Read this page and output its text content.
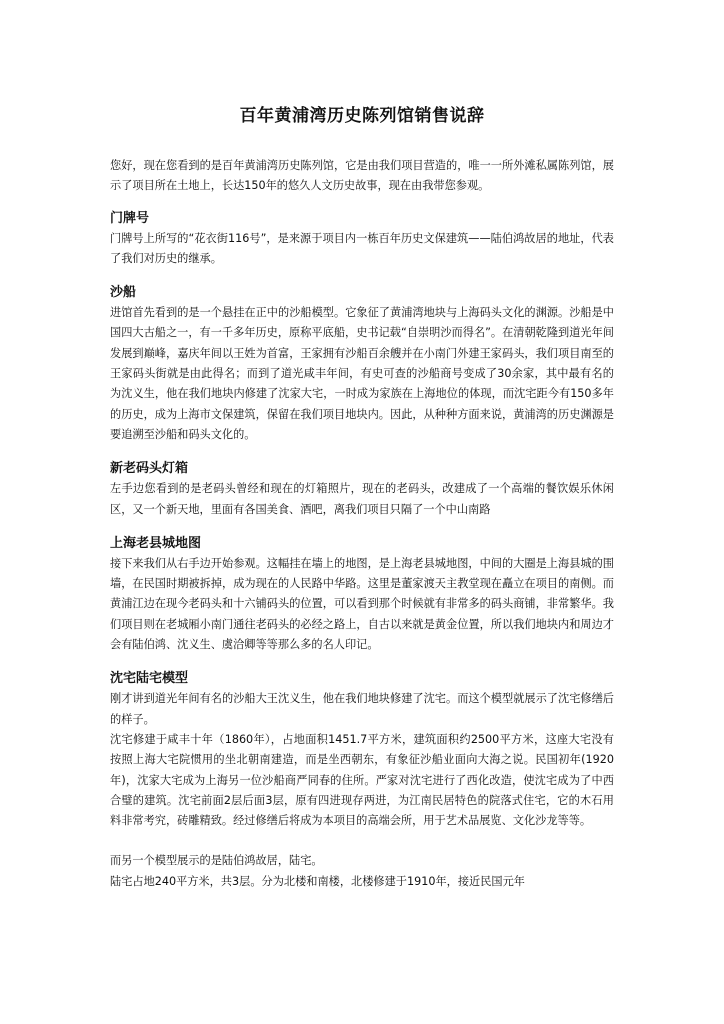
百年黄浦湾历史陈列馆销售说辞

您好，现在您看到的是百年黄浦湾历史陈列馆，它是由我们项目营造的，唯一一所外滩私属陈列馆，展示了项目所在土地上，长达150年的悠久人文历史故事，现在由我带您参观。

门牌号

门牌号上所写的“花衣街116号”，是来源于项目内一栋百年历史文保建筑——陆伯鸿故居的地址，代表了我们对历史的继承。

沙船

进馆首先看到的是一个悬挂在正中的沙船模型。它象征了黄浦湾地块与上海码头文化的渊源。沙船是中国四大古船之一，有一千多年历史，原称平底船，史书记载“自崇明沙而得名”。在清朝乾隆到道光年间发展到巅峰，嘉庆年间以王姓为首富，王家拥有沙船百余艘并在小南门外建王家码头，我们项目南至的王家码头街就是由此得名；而到了道光咸丰年间，有史可查的沙船商号变成了30余家，其中最有名的为沈义生，他在我们地块内修建了沈家大宅，一时成为家族在上海地位的体现，而沈宅距今有150多年的历史，成为上海市文保建筑，保留在我们项目地块内。因此，从种种方面来说，黄浦湾的历史渊源是要追溯至沙船和码头文化的。

新老码头灯箱

左手边您看到的是老码头曾经和现在的灯箱照片，现在的老码头，改建成了一个高端的餐饮娱乐休闲区，又一个新天地，里面有各国美食、酒吧，离我们项目只隔了一个中山南路

上海老县城地图

接下来我们从右手边开始参观。这幅挂在墙上的地图，是上海老县城地图，中间的大圈是上海县城的围墙，在民国时期被拆掉，成为现在的人民路中华路。这里是董家渡天主教堂现在矗立在项目的南侧。而黄浦江边在现今老码头和十六铺码头的位置，可以看到那个时候就有非常多的码头商铺，非常繁华。我们项目则在老城厢小南门通往老码头的必经之路上，自古以来就是黄金位置，所以我们地块内和周边才会有陆伯鸿、沈义生、虞洽卿等等那么多的名人印记。

沈宅陆宅模型

刚才讲到道光年间有名的沙船大王沈义生，他在我们地块修建了沈宅。而这个模型就展示了沈宅修缮后的样子。

沈宅修建于咸丰十年（1860年），占地面积1451.7平方米，建筑面积约2500平方米，这座大宅没有按照上海大宅院惯用的坐北朝南建造，而是坐西朝东，有象征沙船业面向大海之说。民国初年(1920年)，沈家大宅成为上海另一位沙船商严同春的住所。严家对沈宅进行了西化改造，使沈宅成为了中西合璧的建筑。沈宅前面2层后面3层，原有四进现存两进，为江南民居特色的院落式住宅，它的木石用料非常考究，砖雕精致。经过修缮后将成为本项目的高端会所，用于艺术品展览、文化沙龙等等。

而另一个模型展示的是陆伯鸿故居，陆宅。

陆宅占地240平方米，共3层。分为北楼和南楼，北楼修建于1910年，接近民国元年
